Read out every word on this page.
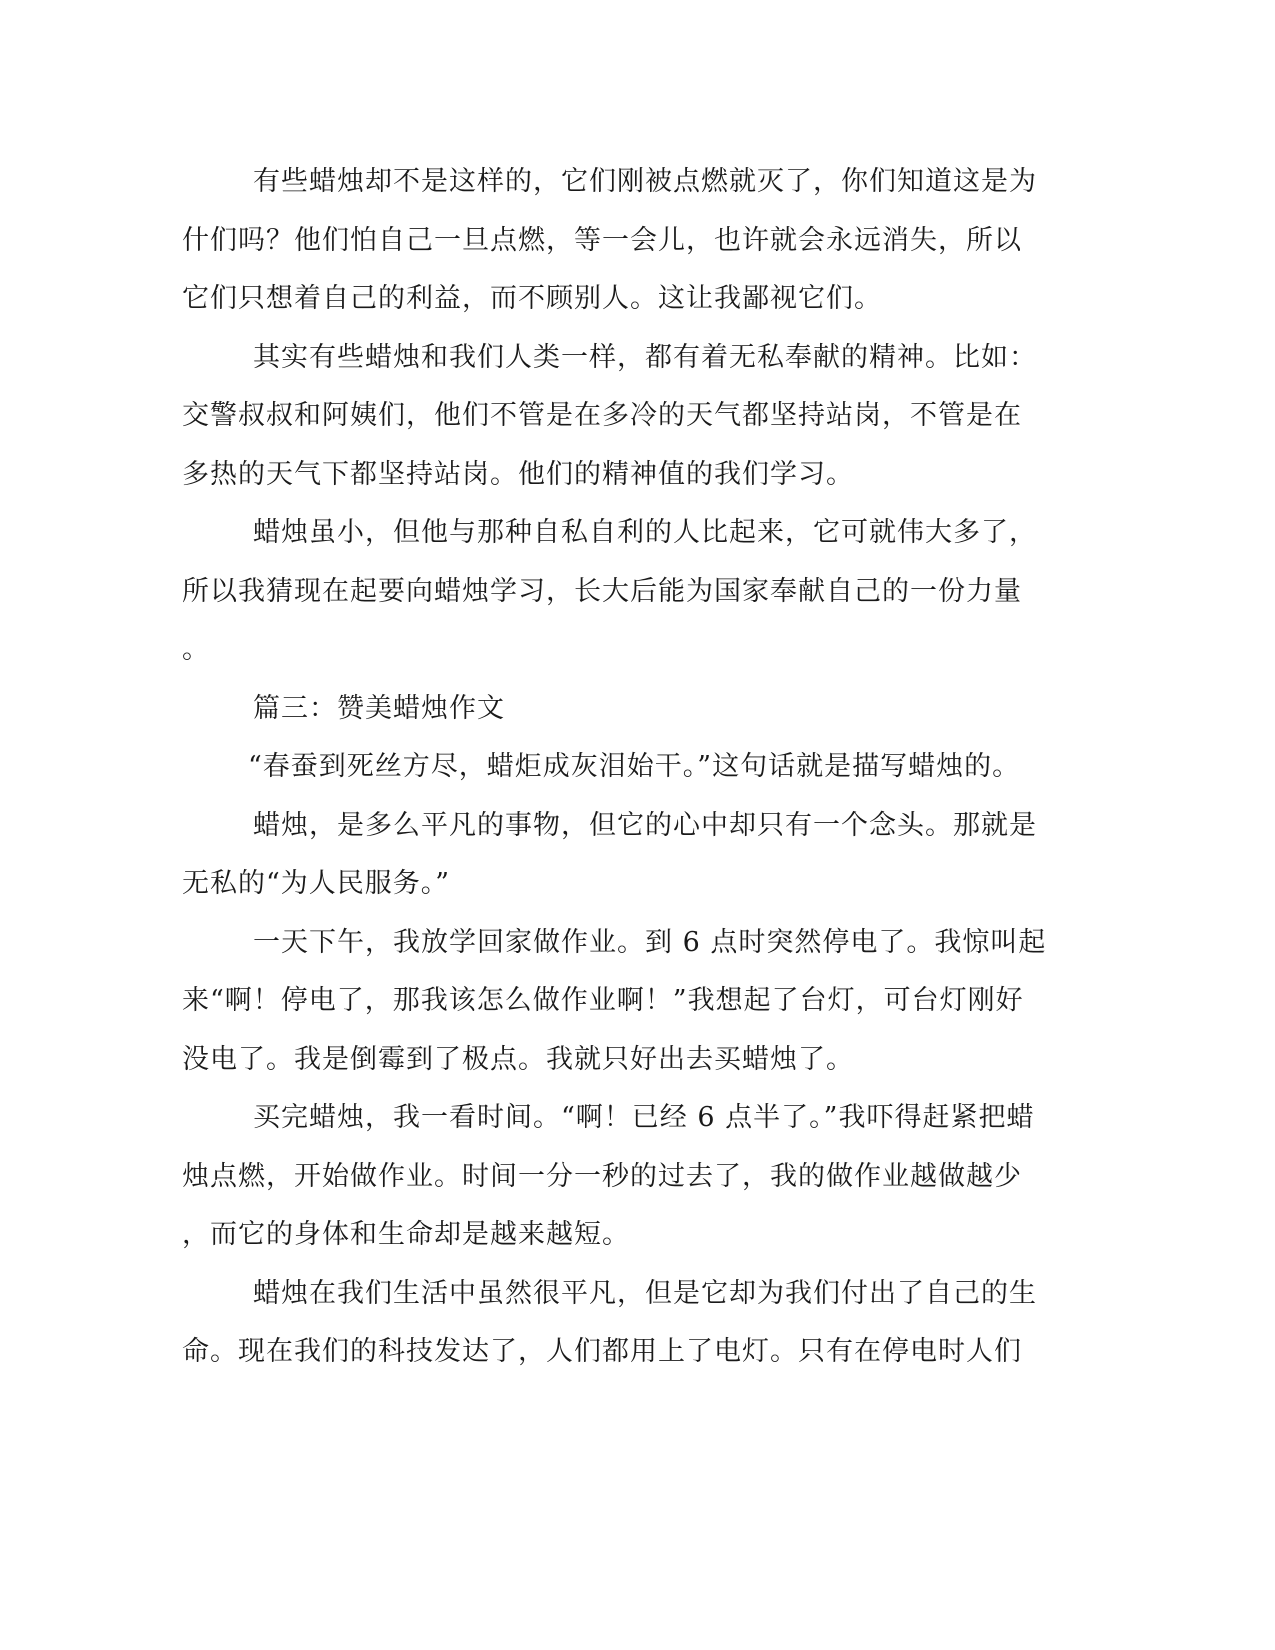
有些蜡烛却不是这样的，它们刚被点燃就灭了，你们知道这是为
什们吗？他们怕自己一旦点燃，等一会儿，也许就会永远消失，所以
它们只想着自己的利益，而不顾别人。这让我鄙视它们。
其实有些蜡烛和我们人类一样，都有着无私奉献的精神。比如：
交警叔叔和阿姨们，他们不管是在多冷的天气都坚持站岗，不管是在
多热的天气下都坚持站岗。他们的精神值的我们学习。
蜡烛虽小，但他与那种自私自利的人比起来，它可就伟大多了，
所以我猜现在起要向蜡烛学习，长大后能为国家奉献自己的一份力量
。
篇三：赞美蜡烛作文
“春蚕到死丝方尽，蜡炬成灰泪始干。”这句话就是描写蜡烛的。
蜡烛，是多么平凡的事物，但它的心中却只有一个念头。那就是
无私的“为人民服务。”
一天下午，我放学回家做作业。到 6 点时突然停电了。我惊叫起
来“啊！停电了，那我该怎么做作业啊！”我想起了台灯，可台灯刚好
没电了。我是倒霉到了极点。我就只好出去买蜡烛了。
买完蜡烛，我一看时间。“啊！已经 6 点半了。”我吓得赶紧把蜡
烛点燃，开始做作业。时间一分一秒的过去了，我的做作业越做越少
，而它的身体和生命却是越来越短。
蜡烛在我们生活中虽然很平凡，但是它却为我们付出了自己的生
命。现在我们的科技发达了，人们都用上了电灯。只有在停电时人们
